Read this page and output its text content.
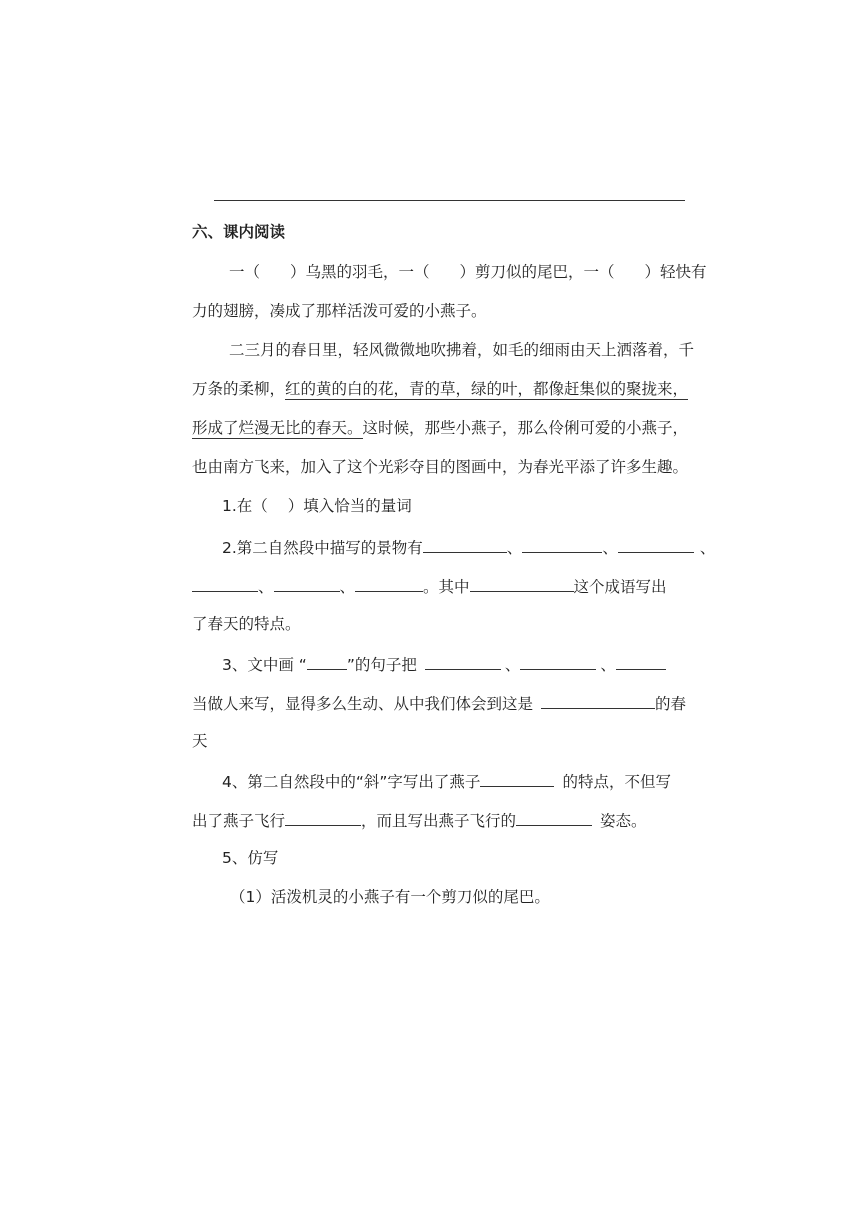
六、课内阅读
一（ ）乌黑的羽毛，一（ ）剪刀似的尾巴，一（ ）轻快有
力的翅膀，凑成了那样活泼可爱的小燕子。
二三月的春日里，轻风微微地吹拂着，如毛的细雨由天上洒落着，千
万条的柔柳，红的黄的白的花，青的草，绿的叶，都像赶集似的聚拢来，
形成了烂漫无比的春天。这时候，那些小燕子，那么伶俐可爱的小燕子，
也由南方飞来，加入了这个光彩夺目的图画中，为春光平添了许多生趣。
1.在（ ）填入恰当的量词
2.第二自然段中描写的景物有	、	、	、
、	、	。其中	这个成语写出
了春天的特点。
3、文中画 “	”的句子把	、	、
当做人来写，显得多么生动、从中我们体会到这是	的春
天
4、第二自然段中的“斜”字写出了燕子	的特点，不但写
出了燕子飞行	，而且写出燕子飞行的	姿态。
5、仿写
（1）活泼机灵的小燕子有一个剪刀似的尾巴。
